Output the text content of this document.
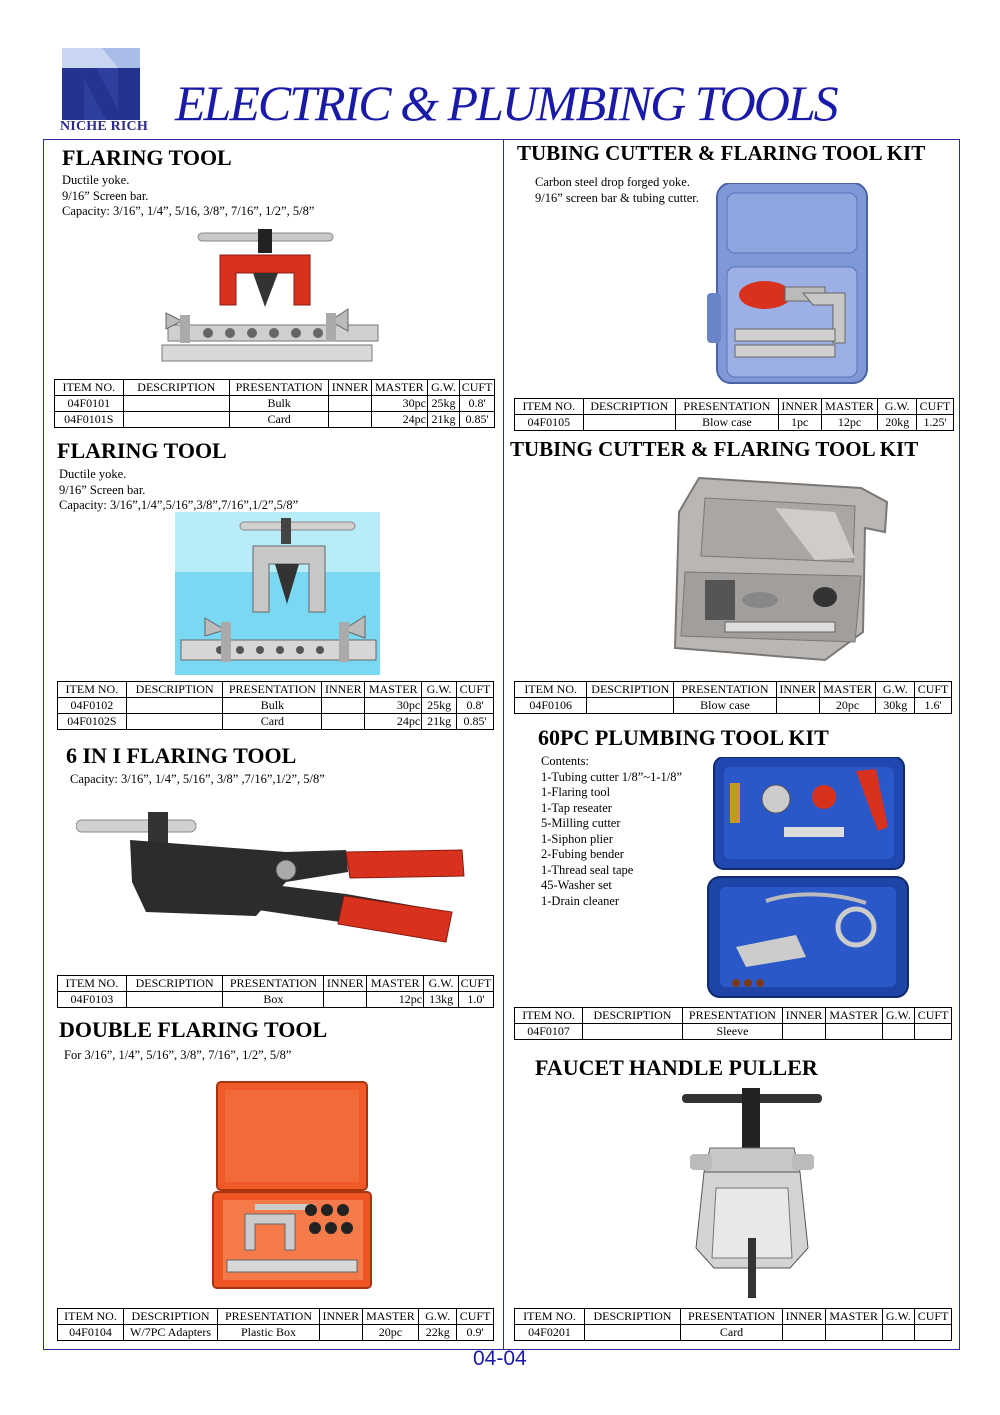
NICHE RICH ELECTRIC & PLUMBING TOOLS
FLARING TOOL
Ductile yoke.
9/16” Screen bar.
Capacity: 3/16”, 1/4”, 5/16, 3/8”, 7/16”, 1/2”, 5/8”
ITEM NO.	DESCRIPTION	PRESENTATION	INNER	MASTER	G.W.	CUFT
04F0101		Bulk		30pc	25kg	0.8'
04F0101S		Card		24pc	21kg	0.85'
TUBING CUTTER & FLARING TOOL KIT
Carbon steel drop forged yoke.
9/16” screen bar & tubing cutter.
ITEM NO.	DESCRIPTION	PRESENTATION	INNER	MASTER	G.W.	CUFT
04F0105		Blow case	1pc	12pc	20kg	1.25'
FLARING TOOL
Ductile yoke.
9/16” Screen bar.
Capacity: 3/16”,1/4”,5/16”,3/8”,7/16”,1/2”,5/8”
ITEM NO.	DESCRIPTION	PRESENTATION	INNER	MASTER	G.W.	CUFT
04F0102		Bulk		30pc	25kg	0.8'
04F0102S		Card		24pc	21kg	0.85'
TUBING CUTTER & FLARING TOOL KIT
ITEM NO.	DESCRIPTION	PRESENTATION	INNER	MASTER	G.W.	CUFT
04F0106		Blow case		20pc	30kg	1.6'
6 IN I FLARING TOOL
Capacity: 3/16”, 1/4”, 5/16”, 3/8” ,7/16”,1/2”, 5/8”
ITEM NO.	DESCRIPTION	PRESENTATION	INNER	MASTER	G.W.	CUFT
04F0103		Box		12pc	13kg	1.0'
60PC PLUMBING TOOL KIT
Contents:
1-Tubing cutter 1/8”~1-1/8”
1-Flaring tool
1-Tap reseater
5-Milling cutter
1-Siphon plier
2-Fubing bender
1-Thread seal tape
45-Washer set
1-Drain cleaner
ITEM NO.	DESCRIPTION	PRESENTATION	INNER	MASTER	G.W.	CUFT
04F0107		Sleeve				
DOUBLE FLARING TOOL
For 3/16”, 1/4”, 5/16”, 3/8”, 7/16”, 1/2”, 5/8”
ITEM NO.	DESCRIPTION	PRESENTATION	INNER	MASTER	G.W.	CUFT
04F0104	W/7PC Adapters	Plastic Box		20pc	22kg	0.9'
FAUCET HANDLE PULLER
ITEM NO.	DESCRIPTION	PRESENTATION	INNER	MASTER	G.W.	CUFT
04F0201		Card				
04-04
